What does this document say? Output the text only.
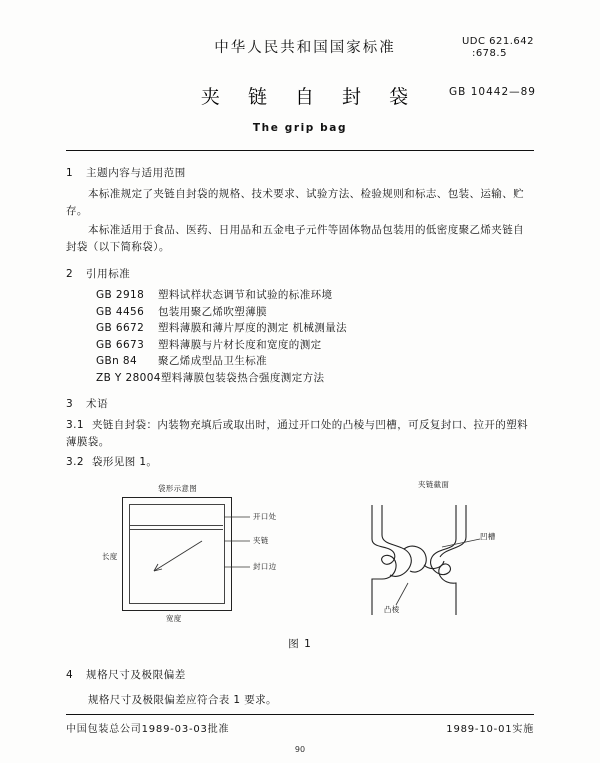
中华人民共和国国家标准	UDC 621.642
:678.5
夹 链 自 封 袋	GB 10442—89
The grip bag
1 主题内容与适用范围
本标准规定了夹链自封袋的规格、技术要求、试验方法、检验规则和标志、包装、运输、贮存。
本标准适用于食品、医药、日用品和五金电子元件等固体物品包装用的低密度聚乙烯夹链自封袋（以下简称袋）。
2 引用标准
GB 2918 塑料试样状态调节和试验的标准环境
GB 4456 包装用聚乙烯吹塑薄膜
GB 6672 塑料薄膜和薄片厚度的测定 机械测量法
GB 6673 塑料薄膜与片材长度和宽度的测定
GBn 84 聚乙烯成型品卫生标准
ZB Y 28004塑料薄膜包装袋热合强度测定方法
3 术语
3.1 夹链自封袋：内装物充填后或取出时，通过开口处的凸棱与凹槽，可反复封口、拉开的塑料薄膜袋。
3.2 袋形见图 1。
袋形示意图
开口处
夹链
封口边
长度
宽度
夹链截面
凹槽
凸棱
图 1
4 规格尺寸及极限偏差
规格尺寸及极限偏差应符合表 1 要求。
中国包装总公司1989-03-03批准	1989-10-01实施
90
